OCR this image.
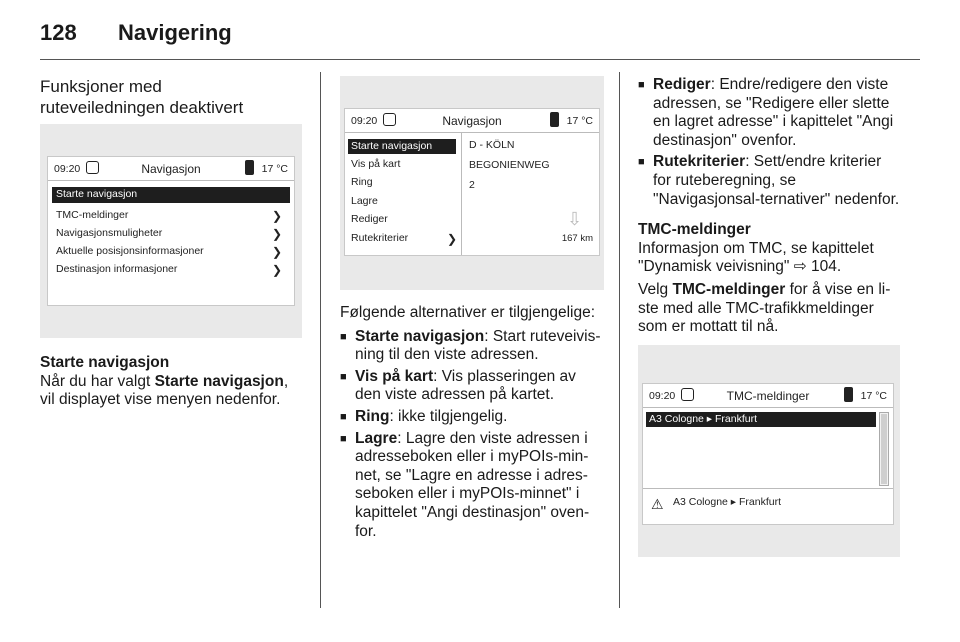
128 Navigering
Funksjoner med
ruteveiledningen deaktivert
09:20	Navigasjon	17 °C
Starte navigasjon
TMC-meldinger	❯
Navigasjonsmuligheter	❯
Aktuelle posisjonsinformasjoner	❯
Destinasjon informasjoner	❯
Starte navigasjon
Når du har valgt Starte navigasjon, vil displayet vise menyen nedenfor.
09:20	Navigasjon	17 °C
Starte navigasjon
Vis på kart
Ring
Lagre
Rediger
Rutekriterier	❯
D - KÖLN
BEGONIENWEG
2
⇩
167 km
Følgende alternativer er tilgjengelige:
■ Starte navigasjon: Start ruteveivis-ning til den viste adressen.
■ Vis på kart: Vis plasseringen av den viste adressen på kartet.
■ Ring: ikke tilgjengelig.
■ Lagre: Lagre den viste adressen i adresseboken eller i myPOIs-min-net, se "Lagre en adresse i adres-seboken eller i myPOIs-minnet" i kapittelet "Angi destinasjon" oven-for.
■ Rediger: Endre/redigere den viste adressen, se "Redigere eller slette en lagret adresse" i kapittelet "Angi destinasjon" ovenfor.
■ Rutekriterier: Sett/endre kriterier for ruteberegning, se "Navigasjonsal-ternativer" nedenfor.
TMC-meldinger
Informasjon om TMC, se kapittelet "Dynamisk veivisning" ⇨ 104.
Velg TMC-meldinger for å vise en li-ste med alle TMC-trafikkmeldinger som er mottatt til nå.
09:20	TMC-meldinger	17 °C
A3 Cologne ▸ Frankfurt
⚠ A3 Cologne ▸ Frankfurt
